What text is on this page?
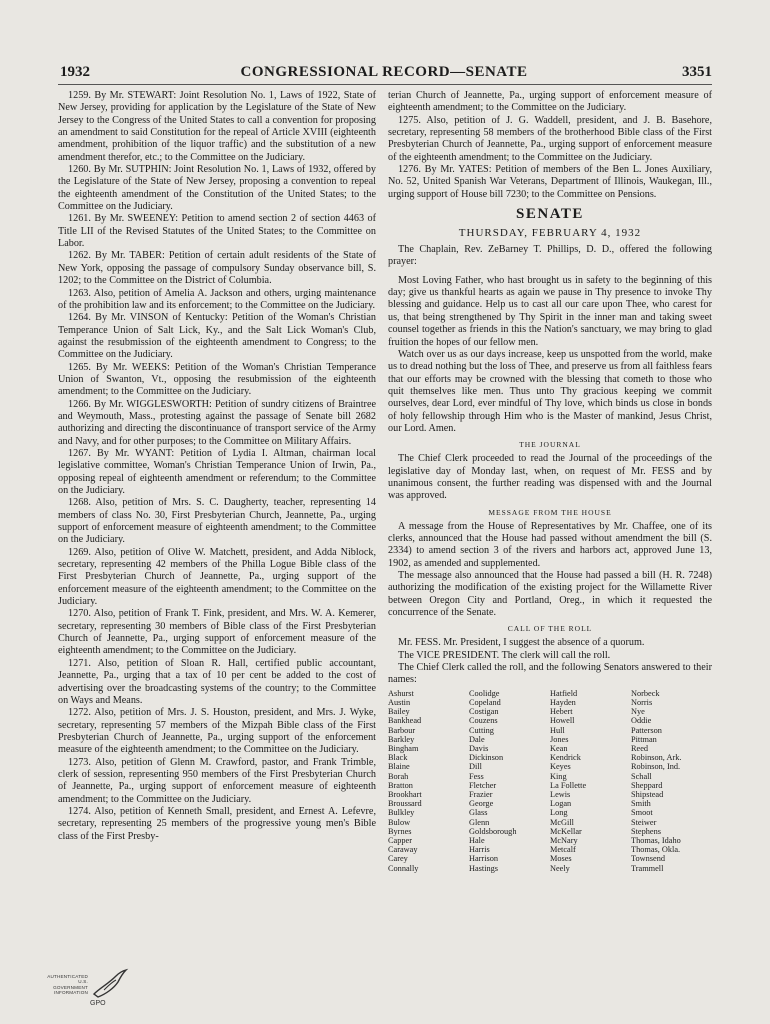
1932	CONGRESSIONAL RECORD—SENATE	3351

1259. By Mr. STEWART: Joint Resolution No. 1, Laws of 1922, State of New Jersey, providing for application by the Legislature of the State of New Jersey to the Congress of the United States to call a convention for proposing an amendment to said Constitution for the repeal of Article XVIII (eighteenth amendment, prohibition of the liquor traffic) and the substitution of a new amendment therefor, etc.; to the Committee on the Judiciary.

1260. By Mr. SUTPHIN: Joint Resolution No. 1, Laws of 1932, offered by the Legislature of the State of New Jersey, proposing a convention to repeal the eighteenth amendment of the Constitution of the United States; to the Committee on the Judiciary.

1261. By Mr. SWEENEY: Petition to amend section 2 of section 4463 of Title LII of the Revised Statutes of the United States; to the Committee on Labor.

1262. By Mr. TABER: Petition of certain adult residents of the State of New York, opposing the passage of compulsory Sunday observance bill, S. 1202; to the Committee on the District of Columbia.

1263. Also, petition of Amelia A. Jackson and others, urging maintenance of the prohibition law and its enforcement; to the Committee on the Judiciary.

1264. By Mr. VINSON of Kentucky: Petition of the Woman's Christian Temperance Union of Salt Lick, Ky., and the Salt Lick Woman's Club, against the resubmission of the eighteenth amendment to Congress; to the Committee on the Judiciary.

1265. By Mr. WEEKS: Petition of the Woman's Christian Temperance Union of Swanton, Vt., opposing the resubmission of the eighteenth amendment; to the Committee on the Judiciary.

1266. By Mr. WIGGLESWORTH: Petition of sundry citizens of Braintree and Weymouth, Mass., protesting against the passage of Senate bill 2682 authorizing and directing the discontinuance of transport service of the Army and Navy, and for other purposes; to the Committee on Military Affairs.

1267. By Mr. WYANT: Petition of Lydia I. Altman, chairman local legislative committee, Woman's Christian Temperance Union of Irwin, Pa., opposing repeal of eighteenth amendment or referendum; to the Committee on the Judiciary.

1268. Also, petition of Mrs. S. C. Daugherty, teacher, representing 14 members of class No. 30, First Presbyterian Church, Jeannette, Pa., urging support of enforcement measure of eighteenth amendment; to the Committee on the Judiciary.

1269. Also, petition of Olive W. Matchett, president, and Adda Niblock, secretary, representing 42 members of the Philla Logue Bible class of the First Presbyterian Church of Jeannette, Pa., urging support of the enforcement measure of the eighteenth amendment; to the Committee on the Judiciary.

1270. Also, petition of Frank T. Fink, president, and Mrs. W. A. Kemerer, secretary, representing 30 members of Bible class of the First Presbyterian Church of Jeannette, Pa., urging support of enforcement measure of the eighteenth amendment; to the Committee on the Judiciary.

1271. Also, petition of Sloan R. Hall, certified public accountant, Jeannette, Pa., urging that a tax of 10 per cent be added to the cost of advertising over the broadcasting systems of the country; to the Committee on Ways and Means.

1272. Also, petition of Mrs. J. S. Houston, president, and Mrs. J. Wyke, secretary, representing 57 members of the Mizpah Bible class of the First Presbyterian Church of Jeannette, Pa., urging support of the enforcement measure of the eighteenth amendment; to the Committee on the Judiciary.

1273. Also, petition of Glenn M. Crawford, pastor, and Frank Trimble, clerk of session, representing 950 members of the First Presbyterian Church of Jeannette, Pa., urging support of enforcement measure of eighteenth amendment; to the Committee on the Judiciary.

1274. Also, petition of Kenneth Small, president, and Ernest A. Lefevre, secretary, representing 25 members of the progressive young men's Bible class of the First Presby-

terian Church of Jeannette, Pa., urging support of enforcement measure of eighteenth amendment; to the Committee on the Judiciary.

1275. Also, petition of J. G. Waddell, president, and J. B. Basehore, secretary, representing 58 members of the brotherhood Bible class of the First Presbyterian Church of Jeannette, Pa., urging support of enforcement measure of the eighteenth amendment; to the Committee on the Judiciary.

1276. By Mr. YATES: Petition of members of the Ben L. Jones Auxiliary, No. 52, United Spanish War Veterans, Department of Illinois, Waukegan, Ill., urging support of House bill 7230; to the Committee on Pensions.

SENATE
THURSDAY, FEBRUARY 4, 1932

The Chaplain, Rev. ZeBarney T. Phillips, D. D., offered the following prayer:

Most Loving Father, who hast brought us in safety to the beginning of this day; give us thankful hearts as again we pause in Thy presence to invoke Thy blessing and guidance. Help us to cast all our care upon Thee, who carest for us, that being strengthened by Thy Spirit in the inner man and taking sweet counsel together as friends in this the Nation's sanctuary, we may bring to glad fruition the hopes of our fellow men.

Watch over us as our days increase, keep us unspotted from the world, make us to dread nothing but the loss of Thee, and preserve us from all faithless fears that our efforts may be crowned with the blessing that cometh to those who quit themselves like men. Thus unto Thy gracious keeping we commit ourselves, dear Lord, ever mindful of Thy love, which binds us close in bonds of holy fellowship through Him who is the Master of mankind, Jesus Christ, our Lord. Amen.

THE JOURNAL

The Chief Clerk proceeded to read the Journal of the proceedings of the legislative day of Monday last, when, on request of Mr. FESS and by unanimous consent, the further reading was dispensed with and the Journal was approved.

MESSAGE FROM THE HOUSE

A message from the House of Representatives by Mr. Chaffee, one of its clerks, announced that the House had passed without amendment the bill (S. 2334) to amend section 3 of the rivers and harbors act, approved June 13, 1902, as amended and supplemented.

The message also announced that the House had passed a bill (H. R. 7248) authorizing the modification of the existing project for the Willamette River between Oregon City and Portland, Oreg., in which it requested the concurrence of the Senate.

CALL OF THE ROLL

Mr. FESS. Mr. President, I suggest the absence of a quorum.

The VICE PRESIDENT. The clerk will call the roll.

The Chief Clerk called the roll, and the following Senators answered to their names:

Ashurst
Austin
Bailey
Bankhead
Barbour
Barkley
Bingham
Black
Blaine
Borah
Bratton
Brookhart
Broussard
Bulkley
Bulow
Byrnes
Capper
Caraway
Carey
Connally
Coolidge
Copeland
Costigan
Couzens
Cutting
Dale
Davis
Dickinson
Dill
Fess
Fletcher
Frazier
George
Glass
Glenn
Goldsborough
Hale
Harris
Harrison
Hastings
Hatfield
Hayden
Hebert
Howell
Hull
Jones
Kean
Kendrick
Keyes
King
La Follette
Lewis
Logan
Long
McGill
McKellar
McNary
Metcalf
Moses
Neely
Norbeck
Norris
Nye
Oddie
Patterson
Pittman
Reed
Robinson, Ark.
Robinson, Ind.
Schall
Sheppard
Shipstead
Smith
Smoot
Steiwer
Stephens
Thomas, Idaho
Thomas, Okla.
Townsend
Trammell
AUTHENTICATED
U.S. GOVERNMENT
INFORMATION
GPO
